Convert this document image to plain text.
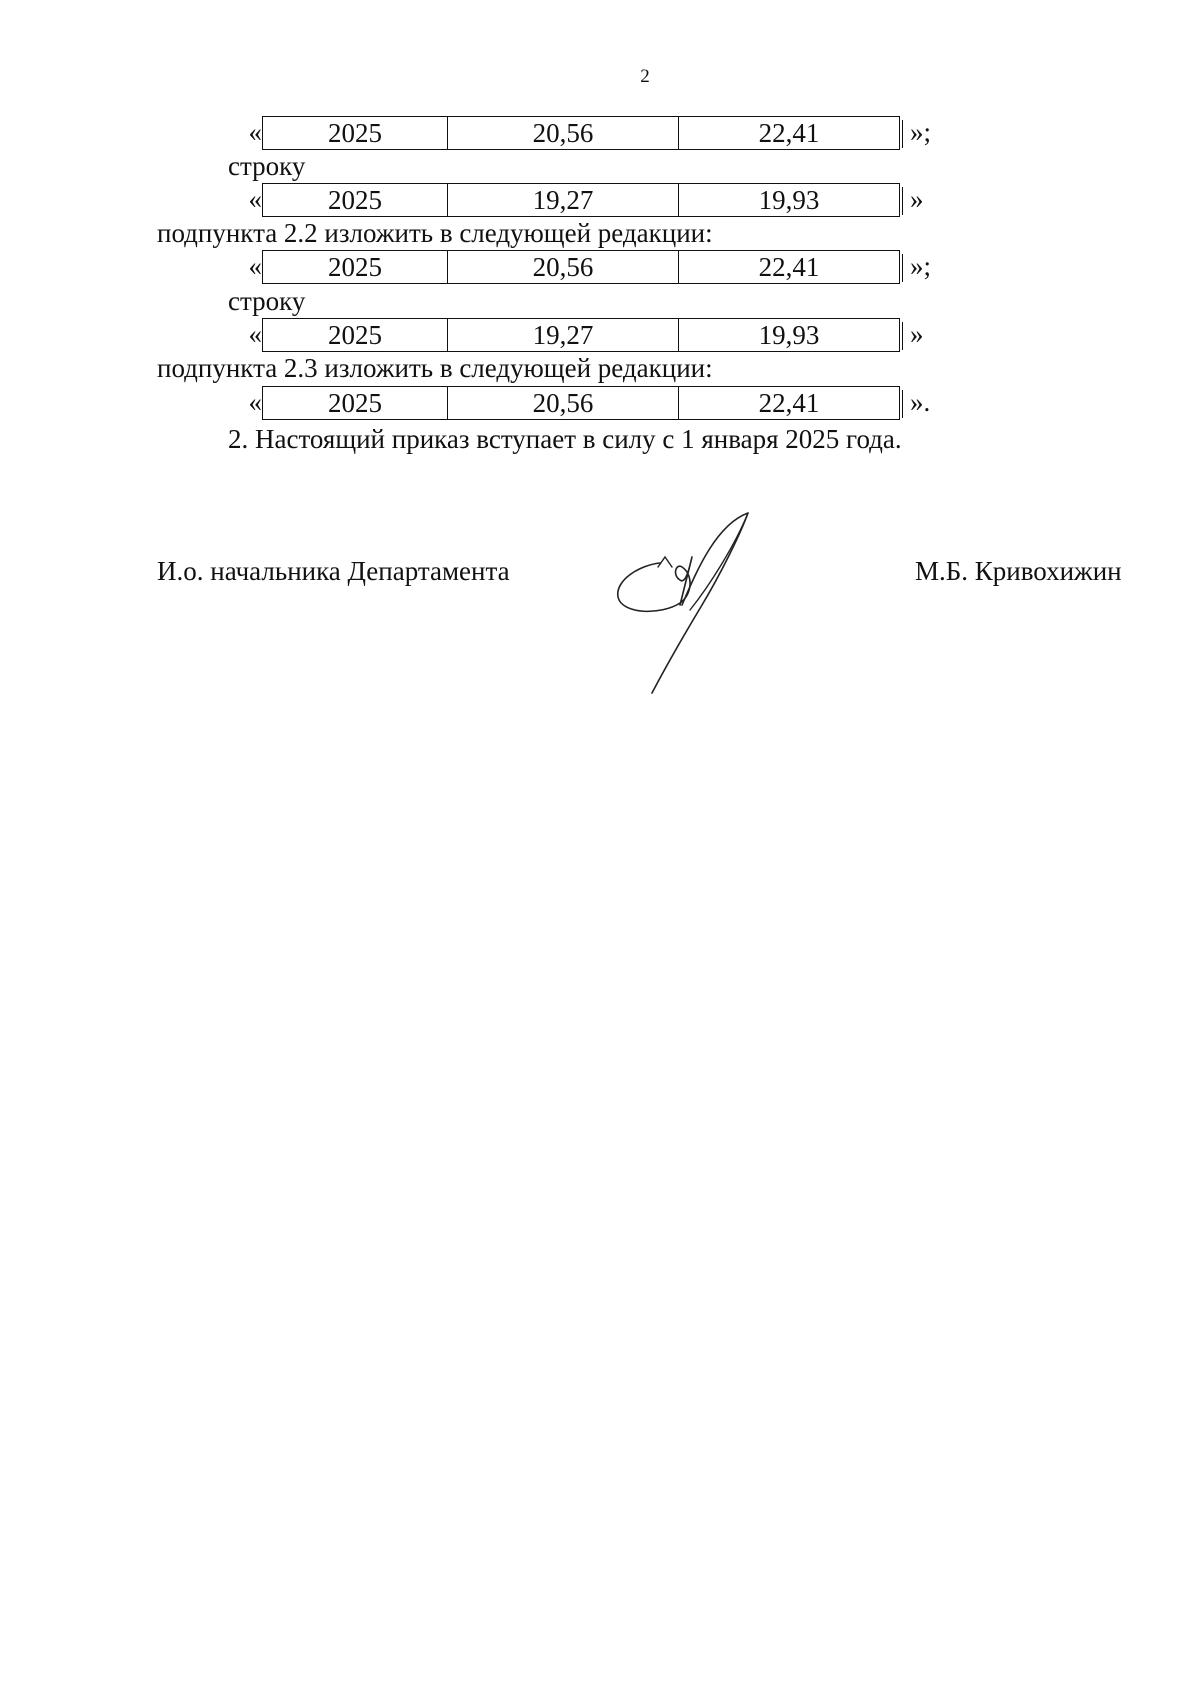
2
«	2025	20,56	22,41	»;
строку
«	2025	19,27	19,93	»
подпункта 2.2 изложить в следующей редакции:
«	2025	20,56	22,41	»;
строку
«	2025	19,27	19,93	»
подпункта 2.3 изложить в следующей редакции:
«	2025	20,56	22,41	».
2. Настоящий приказ вступает в силу с 1 января 2025 года.
И.о. начальника Департамента	М.Б. Кривохижин
